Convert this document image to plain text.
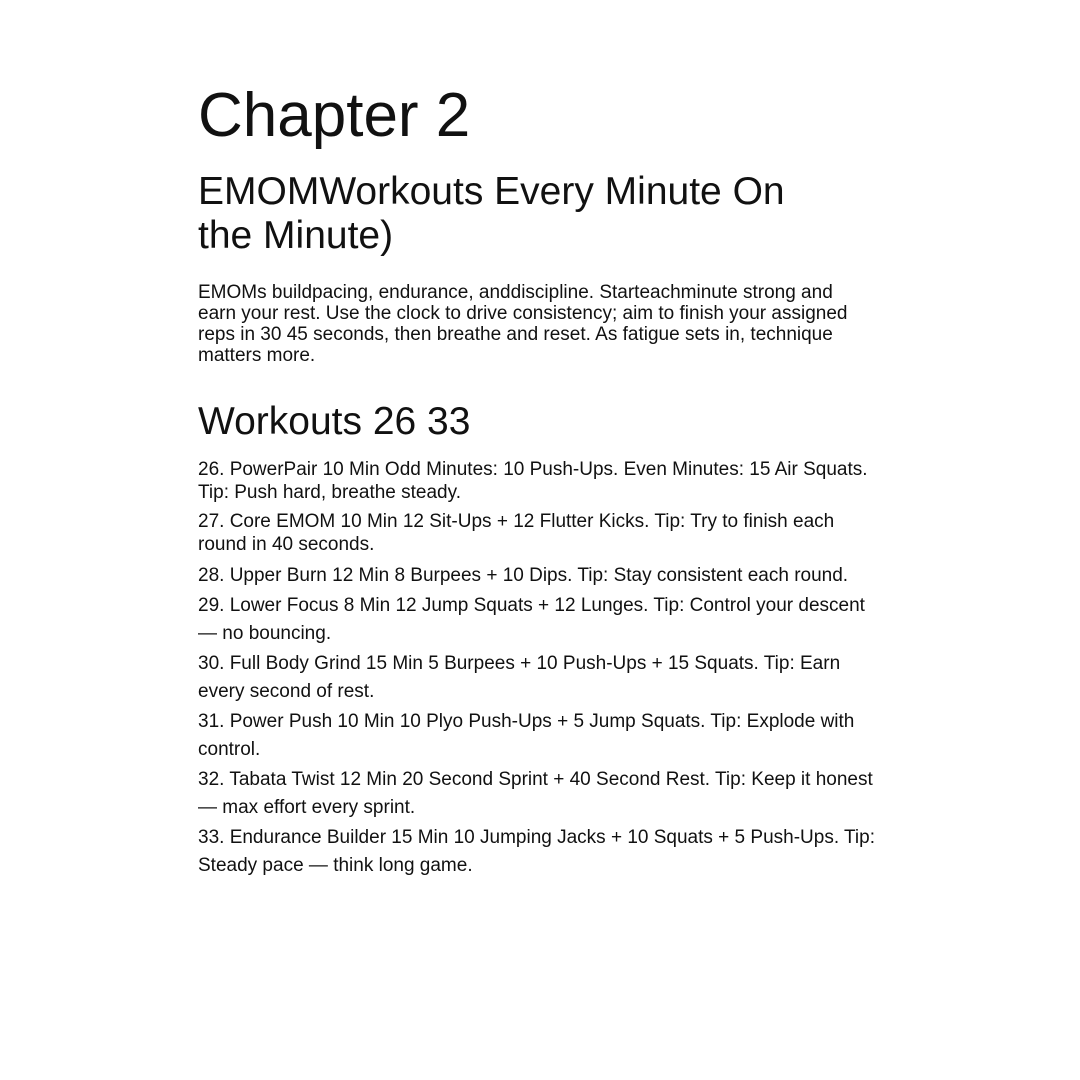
Chapter 2
EMOMWorkouts Every Minute On the Minute)

EMOMs buildpacing, endurance, anddiscipline. Starteachminute strong and earn your rest. Use the clock to drive consistency; aim to finish your assigned reps in 30 45 seconds, then breathe and reset. As fatigue sets in, technique matters more.

Workouts 26 33
26. PowerPair 10 Min Odd Minutes: 10 Push-Ups. Even Minutes: 15 Air Squats. Tip: Push hard, breathe steady.
27. Core EMOM 10 Min 12 Sit-Ups + 12 Flutter Kicks. Tip: Try to finish each round in 40 seconds.
28. Upper Burn 12 Min 8 Burpees + 10 Dips. Tip: Stay consistent each round.
29. Lower Focus 8 Min 12 Jump Squats + 12 Lunges. Tip: Control your descent — no bouncing.
30. Full Body Grind 15 Min 5 Burpees + 10 Push-Ups + 15 Squats. Tip: Earn every second of rest.
31. Power Push 10 Min 10 Plyo Push-Ups + 5 Jump Squats. Tip: Explode with control.
32. Tabata Twist 12 Min 20 Second Sprint + 40 Second Rest. Tip: Keep it honest — max effort every sprint.
33. Endurance Builder 15 Min 10 Jumping Jacks + 10 Squats + 5 Push-Ups. Tip: Steady pace — think long game.
